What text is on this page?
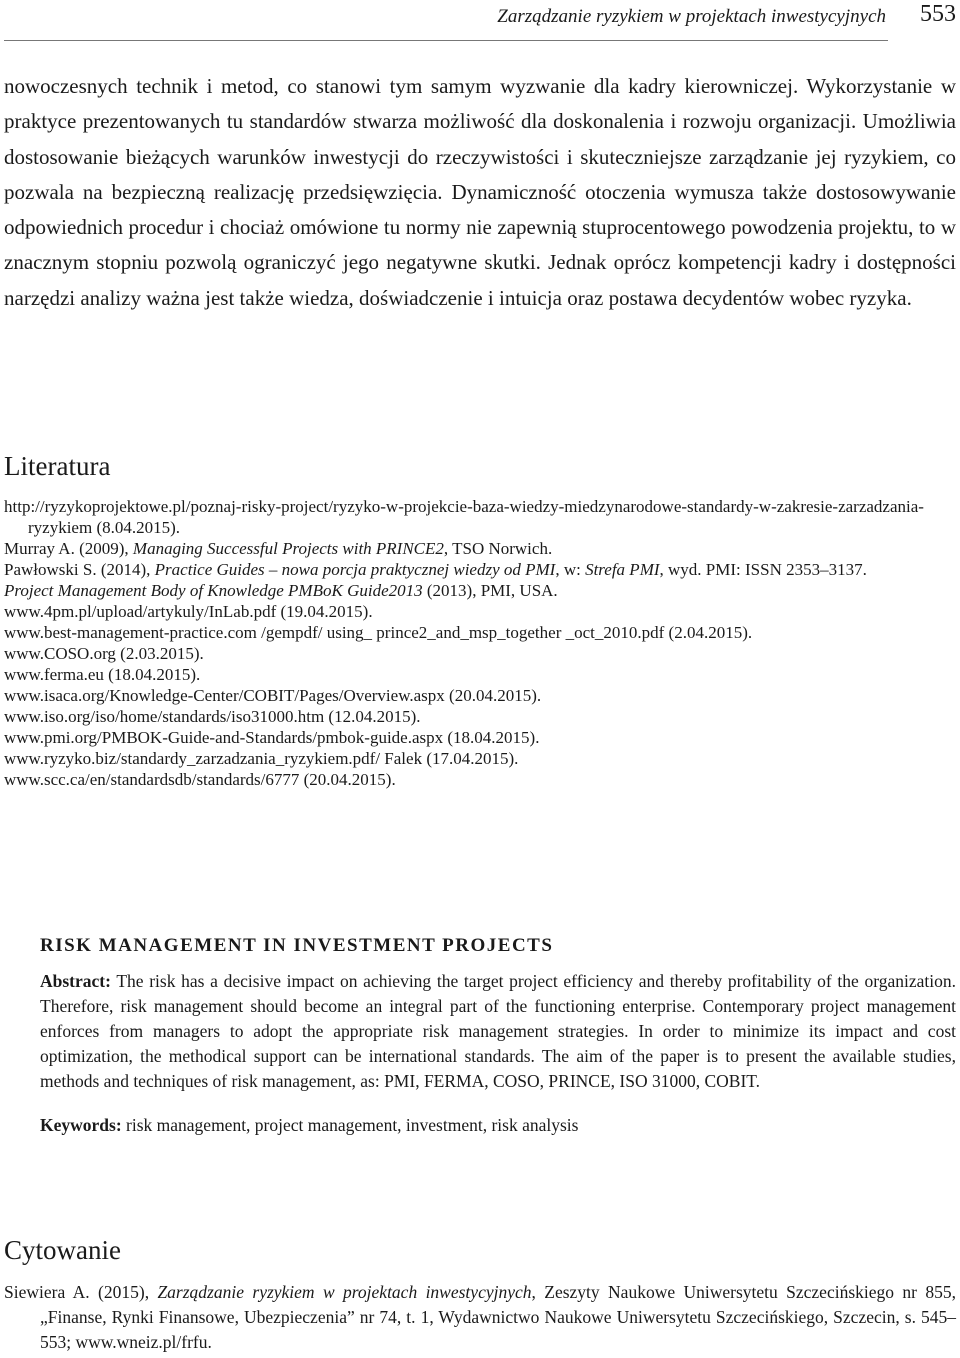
Zarządzanie ryzykiem w projektach inwestycyjnych 553

nowoczesnych technik i metod, co stanowi tym samym wyzwanie dla kadry kierowniczej. Wykorzystanie w praktyce prezentowanych tu standardów stwarza możliwość dla doskonalenia i rozwoju organizacji. Umożliwia dostosowanie bieżących warunków inwestycji do rzeczywistości i skuteczniejsze zarządzanie jej ryzykiem, co pozwala na bezpieczną realizację przedsięwzięcia. Dynamiczność otoczenia wymusza także dostosowywanie odpowiednich procedur i chociaż omówione tu normy nie zapewnią stuprocentowego powodzenia projektu, to w znacznym stopniu pozwolą ograniczyć jego negatywne skutki. Jednak oprócz kompetencji kadry i dostępności narzędzi analizy ważna jest także wiedza, doświadczenie i intuicja oraz postawa decydentów wobec ryzyka.

Literatura
http://ryzykoprojektowe.pl/poznaj-risky-project/ryzyko-w-projekcie-baza-wiedzy-miedzynarodowe-standardy-w-zakresie-zarzadzania-ryzykiem (8.04.2015).
Murray A. (2009), Managing Successful Projects with PRINCE2, TSO Norwich.
Pawłowski S. (2014), Practice Guides – nowa porcja praktycznej wiedzy od PMI, w: Strefa PMI, wyd. PMI: ISSN 2353–3137.
Project Management Body of Knowledge PMBoK Guide2013 (2013), PMI, USA.
www.4pm.pl/upload/artykuly/InLab.pdf (19.04.2015).
www.best-management-practice.com /gempdf/ using_ prince2_and_msp_together _oct_2010.pdf (2.04.2015).
www.COSO.org (2.03.2015).
www.ferma.eu (18.04.2015).
www.isaca.org/Knowledge-Center/COBIT/Pages/Overview.aspx (20.04.2015).
www.iso.org/iso/home/standards/iso31000.htm (12.04.2015).
www.pmi.org/PMBOK-Guide-and-Standards/pmbok-guide.aspx (18.04.2015).
www.ryzyko.biz/standardy_zarzadzania_ryzykiem.pdf/ Falek (17.04.2015).
www.scc.ca/en/standardsdb/standards/6777 (20.04.2015).
RISK MANAGEMENT IN INVESTMENT PROJECTS

Abstract: The risk has a decisive impact on achieving the target project efficiency and thereby profitability of the organization. Therefore, risk management should become an integral part of the functioning enterprise. Contemporary project management enforces from managers to adopt the appropriate risk management strategies. In order to minimize its impact and cost optimization, the methodical support can be international standards. The aim of the paper is to present the available studies, methods and techniques of risk management, as: PMI, FERMA, COSO, PRINCE, ISO 31000, COBIT.

Keywords: risk management, project management, investment, risk analysis

Cytowanie

Siewiera A. (2015), Zarządzanie ryzykiem w projektach inwestycyjnych, Zeszyty Naukowe Uniwersytetu Szczecińskiego nr 855, „Finanse, Rynki Finansowe, Ubezpieczenia” nr 74, t. 1, Wydawnictwo Naukowe Uniwersytetu Szczecińskiego, Szczecin, s. 545–553; www.wneiz.pl/frfu.
